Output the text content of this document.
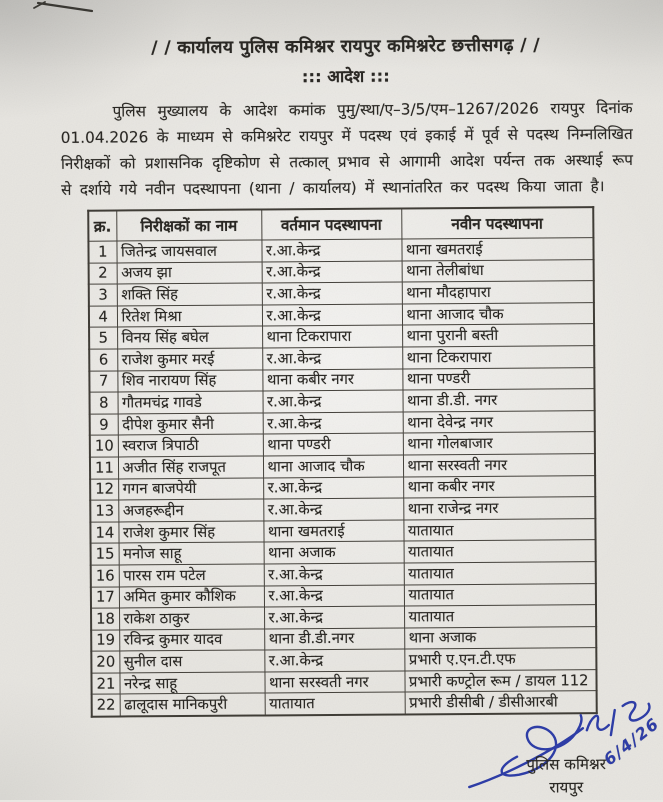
/ / कार्यालय पुलिस कमिश्नर रायपुर कमिश्नरेट छत्तीसगढ़ / /
::: आदेश :::

पुलिस मुख्यालय के आदेश कमांक पुमु/स्था/ए–3/5/एम–1267/2026 रायपुर दिनांक 01.04.2026 के माध्यम से कमिश्नरेट रायपुर में पदस्थ एवं इकाई में पूर्व से पदस्थ निम्नलिखित निरीक्षकों को प्रशासनिक दृष्टिकोण से तत्काल् प्रभाव से आगामी आदेश पर्यन्त तक अस्थाई रूप से दर्शाये गये नवीन पदस्थापना (थाना / कार्यालय) में स्थानांतरित कर पदस्थ किया जाता है।

क्र.	निरीक्षकों का नाम	वर्तमान पदस्थापना	नवीन पदस्थापना
1	जितेन्द्र जायसवाल	र.आ.केन्द्र	थाना खमतराई
2	अजय झा	र.आ.केन्द्र	थाना तेलीबांधा
3	शक्ति सिंह	र.आ.केन्द्र	थाना मौदहापारा
4	रितेश मिश्रा	र.आ.केन्द्र	थाना आजाद चौक
5	विनय सिंह बघेल	थाना टिकरापारा	थाना पुरानी बस्ती
6	राजेश कुमार मरई	र.आ.केन्द्र	थाना टिकरापारा
7	शिव नारायण सिंह	थाना कबीर नगर	थाना पण्डरी
8	गौतमचंद्र गावडे	र.आ.केन्द्र	थाना डी.डी. नगर
9	दीपेश कुमार सैनी	र.आ.केन्द्र	थाना देवेन्द्र नगर
10	स्वराज त्रिपाठी	थाना पण्डरी	थाना गोलबाजार
11	अजीत सिंह राजपूत	थाना आजाद चौक	थाना सरस्वती नगर
12	गगन बाजपेयी	र.आ.केन्द्र	थाना कबीर नगर
13	अजहरूद्दीन	र.आ.केन्द्र	थाना राजेन्द्र नगर
14	राजेश कुमार सिंह	थाना खमतराई	यातायात
15	मनोज साहू	थाना अजाक	यातायात
16	पारस राम पटेल	र.आ.केन्द्र	यातायात
17	अमित कुमार कौशिक	र.आ.केन्द्र	यातायात
18	राकेश ठाकुर	र.आ.केन्द्र	यातायात
19	रविन्द्र कुमार यादव	थाना डी.डी.नगर	थाना अजाक
20	सुनील दास	र.आ.केन्द्र	प्रभारी ए.एन.टी.एफ
21	नरेन्द्र साहू	थाना सरस्वती नगर	प्रभारी कण्ट्रोल रूम / डायल 112
22	ढालूदास मानिकपुरी	यातायात	प्रभारी डीसीबी / डीसीआरबी
6/4/26
पुलिस कमिश्नर
रायपुर
